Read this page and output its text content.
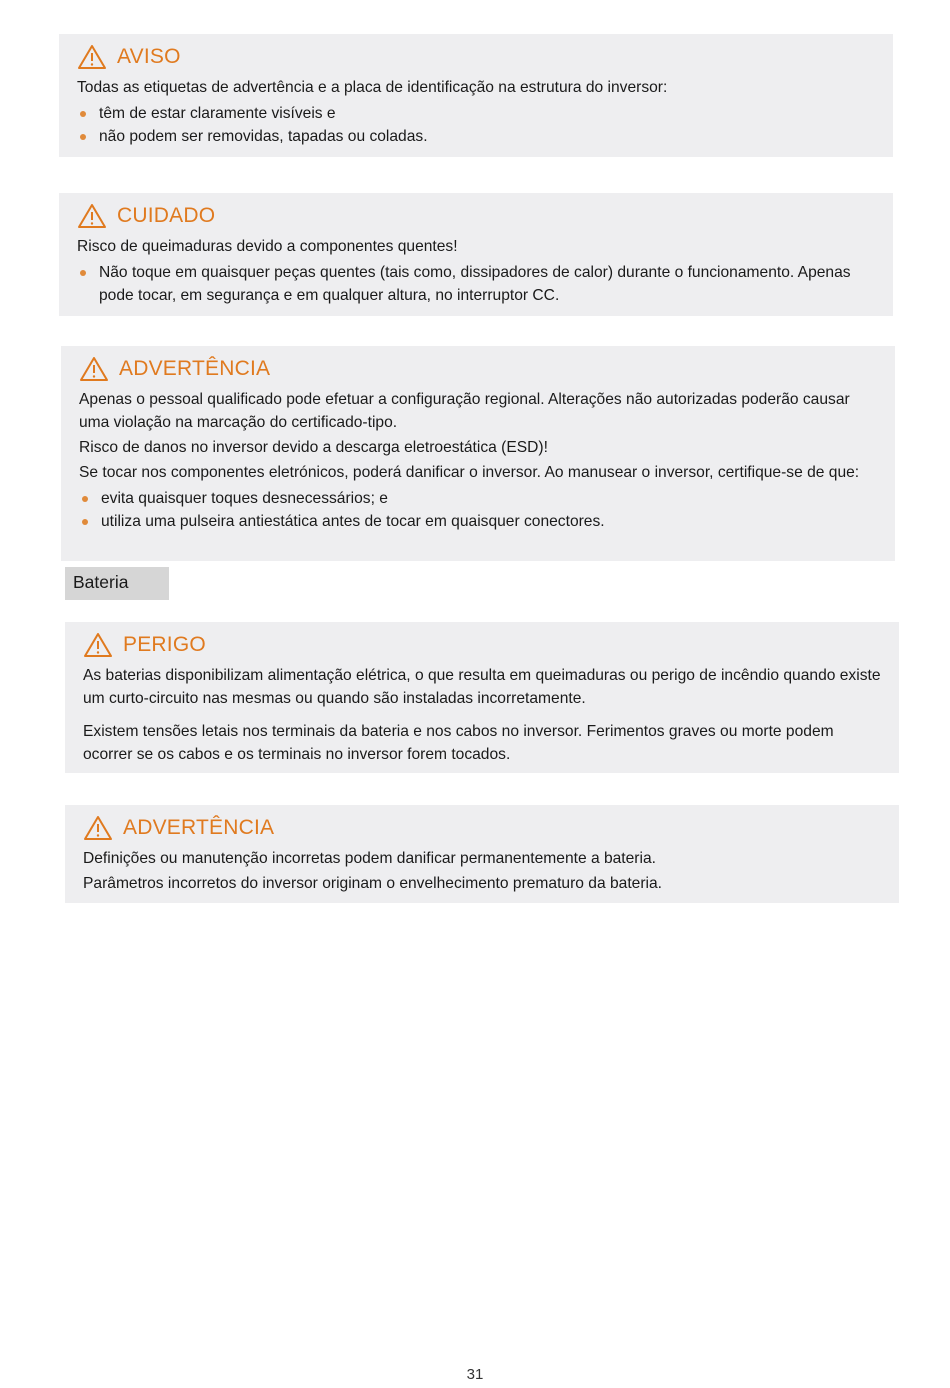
AVISO

Todas as etiquetas de advertência e a placa de identificação na estrutura do inversor:

têm de estar claramente visíveis e
não podem ser removidas, tapadas ou coladas.
CUIDADO

Risco de queimaduras devido a componentes quentes!

Não toque em quaisquer peças quentes (tais como, dissipadores de calor) durante o funcionamento. Apenas pode tocar, em segurança e em qualquer altura, no interruptor CC.
ADVERTÊNCIA

Apenas o pessoal qualificado pode efetuar a configuração regional. Alterações não autorizadas poderão causar uma violação na marcação do certificado-tipo.

Risco de danos no inversor devido a descarga eletroestática (ESD)!

Se tocar nos componentes eletrónicos, poderá danificar o inversor. Ao manusear o inversor, certifique-se de que:

evita quaisquer toques desnecessários; e
utiliza uma pulseira antiestática antes de tocar em quaisquer conectores.
Bateria
PERIGO

As baterias disponibilizam alimentação elétrica, o que resulta em queimaduras ou perigo de incêndio quando existe um curto-circuito nas mesmas ou quando são instaladas incorretamente.

Existem tensões letais nos terminais da bateria e nos cabos no inversor. Ferimentos graves ou morte podem ocorrer se os cabos e os terminais no inversor forem tocados.

ADVERTÊNCIA

Definições ou manutenção incorretas podem danificar permanentemente a bateria.

Parâmetros incorretos do inversor originam o envelhecimento prematuro da bateria.

31
